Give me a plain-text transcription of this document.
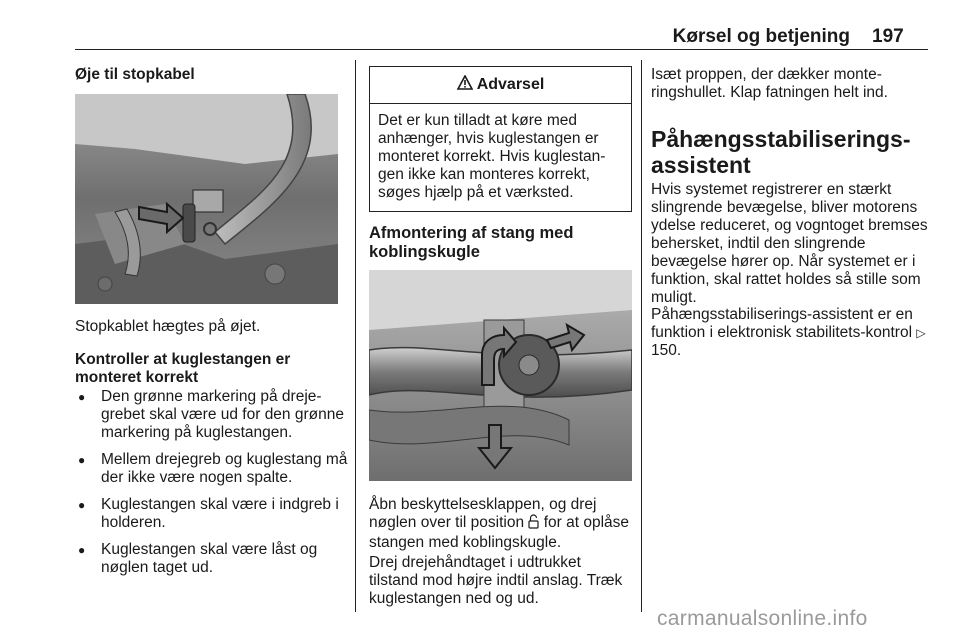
Kørsel og betjening 197

Øje til stopkabel

Stopkablet hægtes på øjet.

Kontroller at kuglestangen er monteret korrekt

● Den grønne markering på drejegrebet skal være ud for den grønne markering på kuglestangen.
● Mellem drejegreb og kuglestang må der ikke være nogen spalte.
● Kuglestangen skal være i indgreb i holderen.
● Kuglestangen skal være låst og nøglen taget ud.
Advarsel
Det er kun tilladt at køre med anhænger, hvis kuglestangen er monteret korrekt. Hvis kuglestangen ikke kan monteres korrekt, søges hjælp på et værksted.
Afmontering af stang med koblingskugle

Åbn beskyttelsesklappen, og drej nøglen over til position for at oplåse stangen med koblingskugle.

Drej drejehåndtaget i udtrukket tilstand mod højre indtil anslag. Træk kuglestangen ned og ud.

Isæt proppen, der dækker monteringshullet. Klap fatningen helt ind.

Påhængsstabiliseringsassistent

Hvis systemet registrerer en stærkt slingrende bevægelse, bliver motorens ydelse reduceret, og vogntoget bremses behersket, indtil den slingrende bevægelse hører op. Når systemet er i funktion, skal rattet holdes så stille som muligt.

Påhængsstabiliserings-assistent er en funktion i elektronisk stabilitets-kontrol ▷ 150.

carmanualsonline.info
